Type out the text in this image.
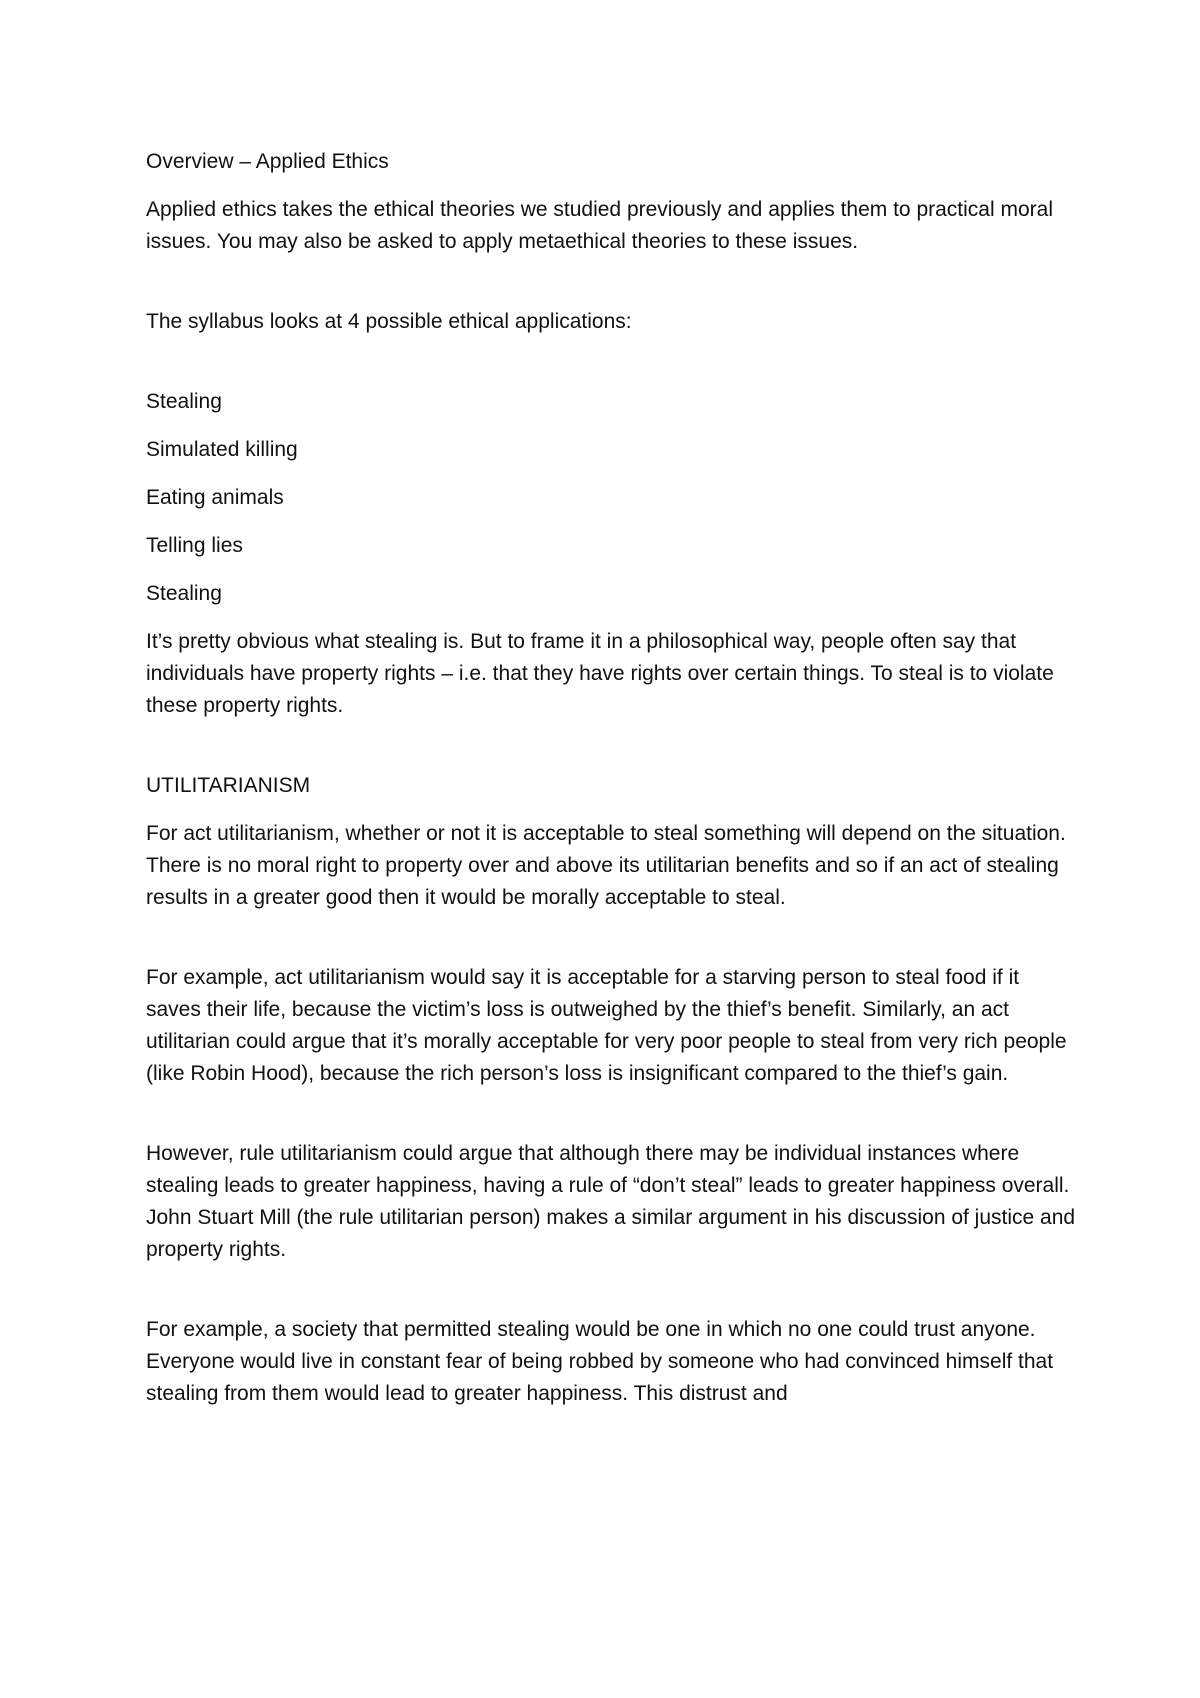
Overview – Applied Ethics

Applied ethics takes the ethical theories we studied previously and applies them to practical moral issues. You may also be asked to apply metaethical theories to these issues.

The syllabus looks at 4 possible ethical applications:

Stealing

Simulated killing

Eating animals

Telling lies

Stealing

It’s pretty obvious what stealing is. But to frame it in a philosophical way, people often say that individuals have property rights – i.e. that they have rights over certain things. To steal is to violate these property rights.

UTILITARIANISM

For act utilitarianism, whether or not it is acceptable to steal something will depend on the situation. There is no moral right to property over and above its utilitarian benefits and so if an act of stealing results in a greater good then it would be morally acceptable to steal.

For example, act utilitarianism would say it is acceptable for a starving person to steal food if it saves their life, because the victim’s loss is outweighed by the thief’s benefit. Similarly, an act utilitarian could argue that it’s morally acceptable for very poor people to steal from very rich people (like Robin Hood), because the rich person’s loss is insignificant compared to the thief’s gain.

However, rule utilitarianism could argue that although there may be individual instances where stealing leads to greater happiness, having a rule of “don’t steal” leads to greater happiness overall. John Stuart Mill (the rule utilitarian person) makes a similar argument in his discussion of justice and property rights.

For example, a society that permitted stealing would be one in which no one could trust anyone. Everyone would live in constant fear of being robbed by someone who had convinced himself that stealing from them would lead to greater happiness. This distrust and
